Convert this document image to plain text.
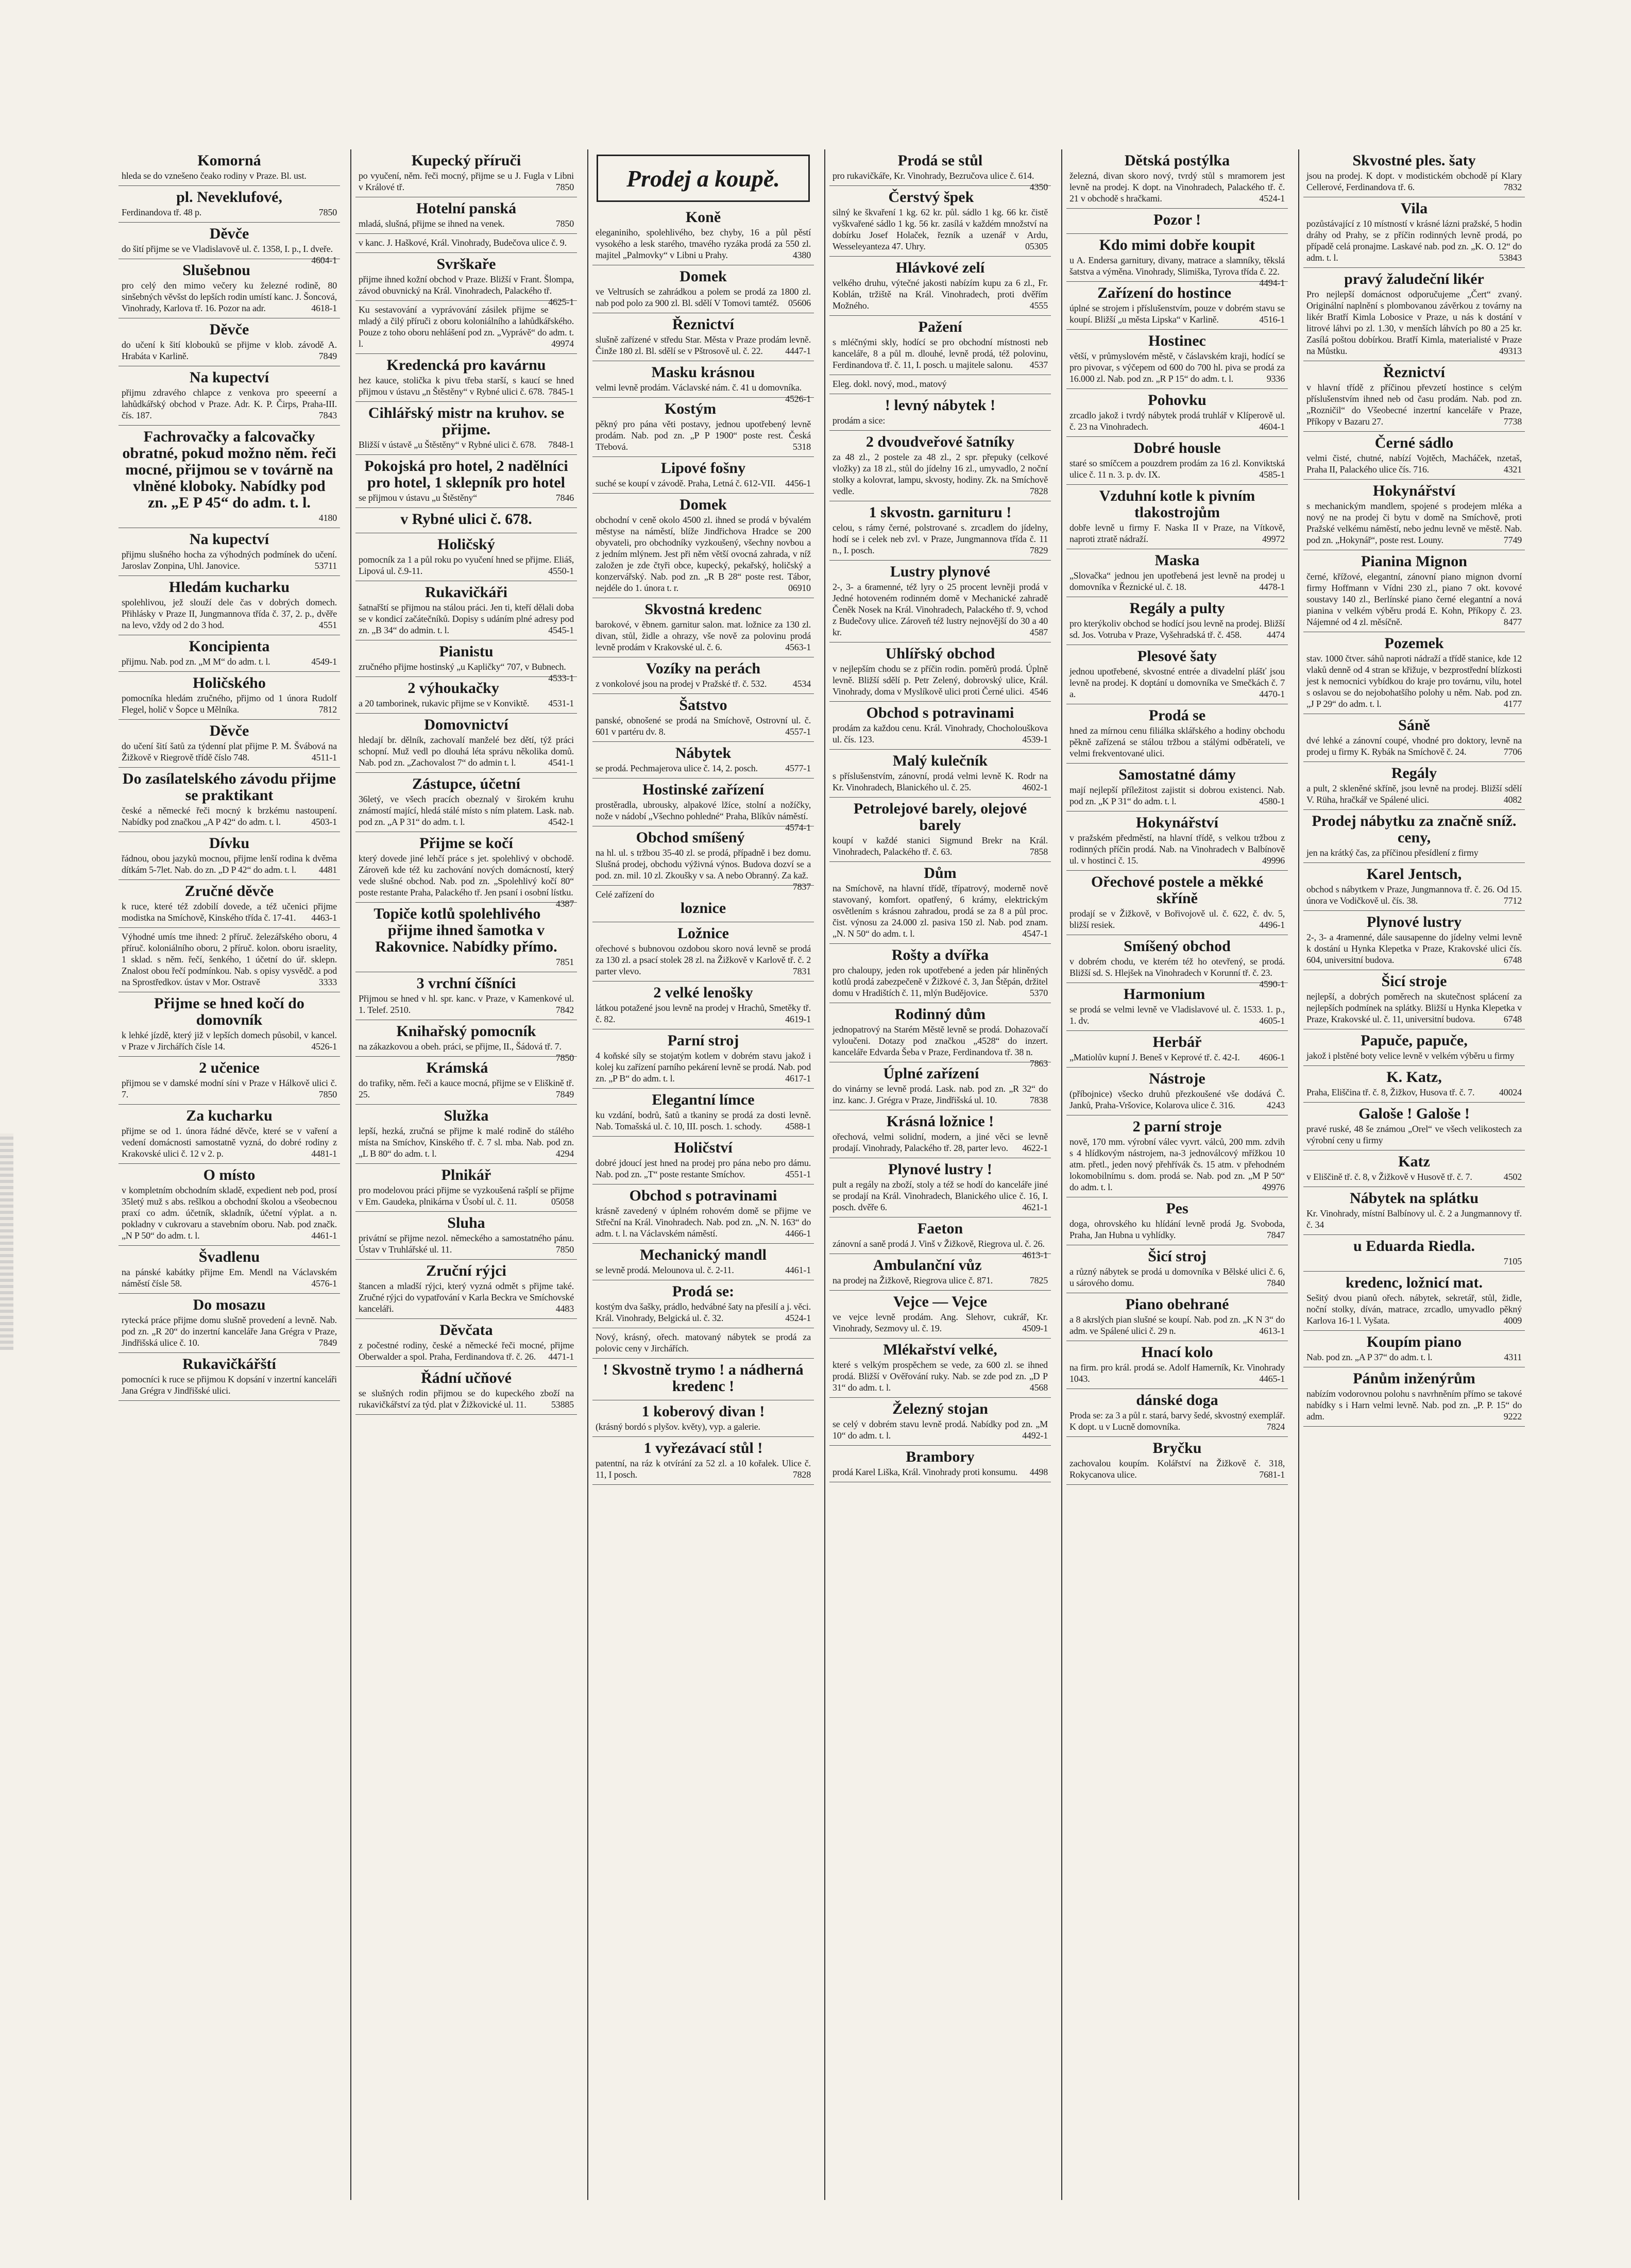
Komorná
hleda se do vznešeno čeako rodiny v Praze. Bl. ust.
pl. Neveklufové,
Ferdinandova tř. 48 p.	7850
Děvče
do šití přijme se ve Vladislavově ul. č. 1358, I. p., I. dveře.
4604-1
Slušebnou
pro celý den mimo večery ku železné rodině, 80 sinšebných věvšst do lepších rodin umístí kanc. J. Šoncová, Vinohrady, Karlova tř. 16. Pozor na adr.	4618-1
Děvče
do učení k šití klobouků se přijme v klob. závodě A. Hrabáta v Karlině.	7849
Na kupectví
přijmu zdravého chlapce z venkova pro speeerní a lahůdkářský obchod v Praze. Adr. K. P. Čirps, Praha-III. čís. 187.	7843
Fachrovačky a falcovačky obratné, pokud možno něm. řeči mocné, přijmou se v továrně na vlněné kloboky. Nabídky pod zn. „E P 45“ do adm. t. l.
4180
Na kupectví
přijmu slušného hocha za výhodných podmínek do učení. Jaroslav Zonpina, Uhl. Janovice.	53711
Hledám kucharku
spolehlivou, jež slouží dele čas v dobrých domech. Přihlásky v Praze II, Jungmannova třída č. 37, 2. p., dvěře na levo, vždy od 2 do 3 hod.	4551
Koncipienta
přijmu. Nab. pod zn. „M M“ do adm. t. l.	4549-1
Holičského
pomocníka hledám zručného, přijmo od 1 února Rudolf Flegel, holič v Šopce u Mělníka.	7812
Děvče
do učení šití šatů za týdenní plat přijme P. M. Švábová na Žižkově v Riegrově třídě číslo 748.	4511-1
Do zasílatelského závodu přijme se praktikant
české a německé řeči mocný k brzkému nastoupení. Nabídky pod značkou „A P 42“ do adm. t. l.	4503-1
Dívku
řádnou, obou jazyků mocnou, přijme lenší rodina k dvěma dítkám 5-7let. Nab. do zn. „D P 42“ do adm. t. l. 4481
Zručné děvče
k ruce, které též zdobilí dovede, a též učenici přijme modistka na Smíchově, Kinského třída č. 17-41. 4463-1
Výhodné umís tme ihned: 2 příruč. železářského oboru, 4 příruč. koloniálního oboru, 2 příruč. kolon. oboru israelity, 1 sklad. s něm. řečí, šenkého, 1 účetní do úř. sklepn. Znalost obou řečí podmínkou. Nab. s opisy vysvědč. a pod na Sprostředkov. ústav v Mor. Ostravě	3333
Přijme se hned kočí do domovník
k lehké jízdě, který již v lepších domech působil, v kancel. v Praze v Jirchářích čísle 14.	4526-1
2 učenice
přijmou se v damské modní síni v Praze v Hálkově ulici č. 7.	7850
Za kucharku
přijme se od 1. února řádné děvče, které se v vaření a vedení domácnosti samostatně vyzná, do dobré rodiny z Krakovské ulici č. 12 v 2. p.	4481-1
O místo
v kompletním obchodním skladě, expedient neb pod, prosí 35letý muž s abs. rešlkou a obchodní školou a všeobecnou praxí co adm. účetník, skladník, účetní výplat. a n. pokladny v cukrovaru a stavebním oboru. Nab. pod značk. „N P 50“ do adm. t. l.	4461-1
Švadlenu
na pánské kabátky přijme Em. Mendl na Václavském náměstí čísle 58.	4576-1
Do mosazu
rytecká práce přijme domu slušně provedení a levně. Nab. pod zn. „R 20“ do inzertní kanceláře Jana Grégra v Praze, Jindřišská ulice č. 10.	7849
Rukavičkářští
pomocníci k ruce se přijmou K dopsání v inzertní kanceláři Jana Grégra v Jindřišské ulici.
Kupecký příruči
po vyučení, něm. řeči mocný, přijme se u J. Fugla v Libni v Králové tř.	7850
Hotelní panská
mladá, slušná, přijme se ihned na venek.	7850
v kanc. J. Haškové, Král. Vinohrady, Budečova ulice č. 9.
Svrškaře
přijme ihned kožní obchod v Praze. Bližší v Frant. Šlompa, závod obuvnický na Král. Vinohradech, Palackého tř.
4625-1
Ku sestavování a vyprávování zásilek přijme se mladý a čilý příruči z oboru koloniálního a lahůdkářského. Pouze z toho oboru nehlášení pod zn. „Vyprávě“ do adm. t. l.	49974
Kredencká pro kavárnu
hez kauce, stolička k pivu třeba starší, s kaucí se hned přijmou v ústavu „n Štěstěny“ v Rybné ulici č. 678. 7845-1
Cihlářský mistr na kruhov. se přijme.
Bližší v ústavě „u Štěstěny“ v Rybné ulici č. 678. 7848-1
Pokojská pro hotel, 2 nadělníci pro hotel, 1 sklepník pro hotel
se přijmou v ústavu „u Štěstěny“	7846
v Rybné ulici č. 678.
Holičský
pomocník za 1 a půl roku po vyučení hned se přijme. Eliáš, Lipová ul. č.9-11.	4550-1
Rukavičkáři
šatnařští se přijmou na stálou práci. Jen ti, kteří dělali doba se v kondicí začátečníků. Dopisy s udáním plné adresy pod zn. „B 34“ do admin. t. l.	4545-1
Pianistu
zručného přijme hostinský „u Kapličky“ 707, v Bubnech.
4533-1
2 výhoukačky
a 20 tamborinek, rukavic přijme se v Konviktě. 4531-1
Domovnictví
hledají br. dělník, zachovalí manželé bez dětí, týž práci schopní. Muž vedl po dlouhá léta správu několika domů. Nab. pod zn. „Zachovalost 7“ do admin t. l.	4541-1
Zástupce, účetní
36letý, ve všech pracích obeznalý v širokém kruhu známostí mající, hledá stálé místo s ním platem. Lask. nab. pod zn. „A P 31“ do adm. t. l.	4542-1
Přijme se kočí
který dovede jiné lehčí práce s jet. spolehlivý v obchodě. Zároveň kde též ku zachování nových domácností, který vede slušné obchod. Nab. pod zn. „Spolehlivý kočí 80“ poste restante Praha, Palackého tř. Jen psaní i osobní lístku.
4387
Topiče kotlů spolehlivého přijme ihned šamotka v Rakovnice. Nabídky přímo.
7851
3 vrchní číšníci
Přijmou se hned v hl. spr. kanc. v Praze, v Kamenkové ul. 1. Telef. 2510.	7842
Knihařský pomocník
na zákazkovou a obeh. práci, se přijme, II., Šádová tř. 7.
7850
Krámská
do trafiky, něm. řeči a kauce mocná, přijme se v Eliškině tř. 25.	7849
Služka
lepší, hezká, zručná se přijme k malé rodině do stálého místa na Smíchov, Kinského tř. č. 7 sl. mba. Nab. pod zn. „L B 80“ do adm. t. l.	4294
Plnikář
pro modelovou práci přijme se vyzkoušená rašplí se přijme v Em. Gaudeka, plnikárna v Úsobí ul. č. 11.	05058
Sluha
privátní se přijme nezol. německého a samostatného pánu. Ústav v Truhlářské ul. 11.	7850
Zruční rýjci
štancen a mladší rýjci, který vyzná odmět s přijme také. Zručné rýjci do vypatřování v Karla Beckra ve Smíchovské kanceláři.	4483
Děvčata
z počestné rodiny, české a německé řeči mocné, přijme Oberwalder a spol. Praha, Ferdinandova tř. č. 26. 4471-1
Řádní učňové
se slušných rodin přijmou se do kupeckého zboží na rukavičkářství za týd. plat v Žižkovické ul. 11.	53885
Prodej a koupě.
Koně
eleganiniho, spolehlivého, bez chyby, 16 a půl pěstí vysokého a lesk starého, tmavého ryzáka prodá za 550 zl. majitel „Palmovky“ v Libni u Prahy.	4380
Domek
ve Veltrusích se zahrádkou a polem se prodá za 1800 zl. nab pod polo za 900 zl. Bl. sdělí V Tomovi tamtéž. 05606
Řeznictví
slušně zařízené v středu Star. Města v Praze prodám levně. Činže 180 zl. Bl. sdělí se v Pštrosově ul. č. 22. 4447-1
Masku krásnou
velmi levně prodám. Václavské nám. č. 41 u domovníka.
4526-1
Kostým
pěkný pro pána věti postavy, jednou upotřebený levně prodám. Nab. pod zn. „P P 1900“ poste rest. Česká Třebová.	5318
Lipové fošny
suché se koupí v závodě. Praha, Letná č. 612-VII. 4456-1
Domek
obchodní v ceně okolo 4500 zl. ihned se prodá v bývalém městyse na náměstí, blíže Jindřichova Hradce se 200 obyvateli, pro obchodníky vyzkoušený, všechny novbou a z jedním mlýnem. Jest při něm větší ovocná zahrada, v níž založen je zde čtyři obce, kupecký, pekařský, holičský a konzervářský. Nab. pod zn. „R B 28“ poste rest. Tábor, nejdéle do 1. února t. r.	06910
Skvostná kredenc
barokové, v ěbnem. garnitur salon. mat. ložnice za 130 zl. divan, stůl, židle a ohrazy, vše nově za polovinu prodá levně prodám v Krakovské ul. č. 6.	4563-1
Vozíky na perách
z vonkolové jsou na prodej v Pražské tř. č. 532.	4534
Šatstvo
panské, obnošené se prodá na Smíchově, Ostrovní ul. č. 601 v partéru dv. 8.	4557-1
Nábytek
se prodá. Pechmajerova ulice č. 14, 2. posch.	4577-1
Hostinské zařízení
prostěradla, ubrousky, alpakové lžíce, stolní a nožíčky, nože v nádobí „Všechno pohledné“ Praha, Blíkův náměstí.
4574-1
Obchod smíšený
na hl. ul. s tržbou 35-40 zl. se prodá, případně i bez domu. Slušná prodej, obchodu výživná výnos. Budova dozví se a pod. zn. mil. 10 zl. Zkoušky v sa. A nebo Obranný. Za kaž.
7837
Celé zařízení do
loznice
Ložnice
ořechové s bubnovou ozdobou skoro nová levně se prodá za 130 zl. a psací stolek 28 zl. na Žižkově v Karlově tř. č. 2 parter vlevo.	7831
2 velké lenošky
látkou potažené jsou levně na prodej v Hrachů, Smetěky tř. č. 82.	4619-1
Parní stroj
4 koňské síly se stojatým kotlem v dobrém stavu jakož i kolej ku zařízení parního pekárení levně se prodá. Nab. pod zn. „P B“ do adm. t. l.	4617-1
Elegantní límce
ku vzdání, bodrů, šatů a tkaniny se prodá za dosti levně. Nab. Tomašská ul. č. 10, III. posch. 1. schody.	4588-1
Holičství
dobré jdoucí jest hned na prodej pro pána nebo pro dámu. Nab. pod zn. „T“ poste restante Smíchov.	4551-1
Obchod s potravinami
krásně zavedený v úplném rohovém domě se přijme ve Střeční na Král. Vinohradech. Nab. pod zn. „N. N. 163“ do adm. t. l. na Václavském náměstí.	4466-1
Mechanický mandl
se levně prodá. Melounova ul. č. 2-11.	4461-1
Prodá se:
kostým dva šašky, prádlo, hedvábné šaty na přesilí a j. věci. Král. Vinohrady, Belgická ul. č. 32.	4524-1
Nový, krásný, ořech. matovaný nábytek se prodá za polovic ceny v Jirchářích.
! Skvostně trymo ! a nádherná kredenc !
1 koberový divan !
(krásný bordó s plyšov. květy), vyp. a galerie.
1 vyřezávací stůl !
patentní, na ráz k otvírání za 52 zl. a 10 kořalek. Ulice č. 11, I posch.	7828
Prodá se stůl
pro rukavičkáře, Kr. Vinohrady, Bezručova ulice č. 614.
4350
Čerstvý špek
silný ke škvaření 1 kg. 62 kr. půl. sádlo 1 kg. 66 kr. čistě vyškvařené sádlo 1 kg. 56 kr. zasílá v každém množství na dobírku Josef Holaček, řezník a uzenář v Ardu, Wesseleyanteza 47. Uhry.	05305
Hlávkové zelí
velkého druhu, výtečné jakosti nabízím kupu za 6 zl., Fr. Koblán, tržiště na Král. Vinohradech, proti dvěřím Možného.	4555
Pažení
s mléčnými skly, hodící se pro obchodní místnosti neb kanceláře, 8 a půl m. dlouhé, levně prodá, též polovinu, Ferdinandova tř. č. 11, I. posch. u majitele salonu. 4537
Eleg. dokl. nový, mod., matový
! levný nábytek !
prodám a sice:
2 dvoudveřové šatníky
za 48 zl., 2 postele za 48 zl., 2 spr. přepuky (celkové vložky) za 18 zl., stůl do jídelny 16 zl., umyvadlo, 2 noční stolky a kolovrat, lampu, skvosty, hodiny. Zk. na Smíchově vedle.	7828
1 skvostn. garnituru !
celou, s rámy černé, polstrované s. zrcadlem do jídelny, hodí se i celek neb zvl. v Praze, Jungmannova třída č. 11 n., I. posch.	7829
Lustry plynové
2-, 3- a 6ramenné, též lyry o 25 procent levněji prodá v Jedné hotoveném rodinném domě v Mechanické zahradě Čeněk Nosek na Král. Vinohradech, Palackého tř. 9, vchod z Budečovy ulice. Zároveň též lustry nejnovější do 30 a 40 kr.	4587
Uhlířský obchod
v nejlepším chodu se z příčin rodin. poměrů prodá. Úplně levně. Bližší sdělí p. Petr Zelený, dobrovský ulice, Král. Vinohrady, doma v Myslíkově ulici proti Černé ulici. 4546
Obchod s potravinami
prodám za každou cenu. Král. Vinohrady, Chocholouškova ul. čís. 123.	4539-1
Malý kulečník
s příslušenstvím, zánovní, prodá velmi levně K. Rodr na Kr. Vinohradech, Blanického ul. č. 25.	4602-1
Petrolejové barely, olejové barely
koupí v každé stanici Sigmund Brekr na Král. Vinohradech, Palackého tř. č. 63.	7858
Dům
na Smíchově, na hlavní třídě, třípatrový, moderně nově stavovaný, komfort. opatřený, 6 krámy, elektrickým osvětlením s krásnou zahradou, prodá se za 8 a půl proc. čist. výnosu za 24.000 zl. pasiva 150 zl. Nab. pod znam. „N. N 50“ do adm. t. l.	4547-1
Rošty a dvířka
pro chaloupy, jeden rok upotřebené a jeden pár hliněných kotlů prodá zabezpečeně v Žižkové č. 3, Jan Štěpán, držitel domu v Hradištích č. 11, mlýn Budějovice.	5370
Rodinný dům
jednopatrový na Starém Městě levně se prodá. Dohazovačí vyloučeni. Dotazy pod značkou „4528“ do inzert. kanceláře Edvarda Šeba v Praze, Ferdinandova tř. 38 n.
7863
Úplné zařízení
do vinárny se levně prodá. Lask. nab. pod zn. „R 32“ do inz. kanc. J. Grégra v Praze, Jindřišská ul. 10.	7838
Krásná ložnice !
ořechová, velmi solidní, modern, a jiné věci se levně prodají. Vinohrady, Palackého tř. 28, parter levo. 4622-1
Plynové lustry !
pult a regály na zboží, stoly a též se hodí do kanceláře jiné se prodají na Král. Vinohradech, Blanického ulice č. 16, I. posch. dvěře 6.	4621-1
Faeton
zánovní a saně prodá J. Vinš v Žižkově, Riegrova ul. č. 26.
4613-1
Ambulanční vůz
na prodej na Žižkově, Riegrova ulice č. 871.	7825
Vejce — Vejce
ve vejce levně prodám. Ang. Slehovr, cukrář, Kr. Vinohrady, Sezmovy ul. č. 19.	4509-1
Mlékařství velké,
které s velkým prospěchem se vede, za 600 zl. se ihned prodá. Bližší v Ověřování ruky. Nab. se zde pod zn. „D P 31“ do adm. t. l.	4568
Železný stojan
se celý v dobrém stavu levně prodá. Nabídky pod zn. „M 10“ do adm. t. l.	4492-1
Brambory
prodá Karel Liška, Král. Vinohrady proti konsumu. 4498
Dětská postýlka
železná, divan skoro nový, tvrdý stůl s mramorem jest levně na prodej. K dopt. na Vinohradech, Palackého tř. č. 21 v obchodě s hračkami.	4524-1
Pozor !
Kdo mimi dobře koupit
u A. Endersa garnitury, divany, matrace a slamníky, těkslá šatstva a výměna. Vinohrady, Slimiška, Tyrova třída č. 22.
4494-1
Zařízení do hostince
úplné se strojem i příslušenstvím, pouze v dobrém stavu se koupí. Bližší „u města Lipska“ v Karlině.	4516-1
Hostinec
větší, v průmyslovém městě, v čáslavském kraji, hodící se pro pivovar, s výčepem od 600 do 700 hl. piva se prodá za 16.000 zl. Nab. pod zn. „R P 15“ do adm. t. l.	9336
Pohovku
zrcadlo jakož i tvrdý nábytek prodá truhlář v Klíperově ul. č. 23 na Vinohradech.	4604-1
Dobré housle
staré so smíčcem a pouzdrem prodám za 16 zl. Konviktská ulice č. 11 n. 3. p. dv. IX.	4585-1
Vzduhní kotle k pivním tlakostrojům
dobře levně u firmy F. Naska II v Praze, na Vítkově, naproti ztratě nádraží.	49972
Maska
„Slovačka“ jednou jen upotřebená jest levně na prodej u domovníka v Řeznické ul. č. 18.	4478-1
Regály a pulty
pro kterýkoliv obchod se hodící jsou levně na prodej. Bližší sd. Jos. Votruba v Praze, Vyšehradská tř. č. 458.	4474
Plesové šaty
jednou upotřebené, skvostné entrée a divadelní plášť jsou levně na prodej. K doptání u domovníka ve Smečkách č. 7 a.	4470-1
Prodá se
hned za mírnou cenu filiálka sklářského a hodiny obchodu pěkně zařízená se stálou tržbou a stálými odběrateli, ve velmi frekventované ulici.
Samostatné dámy
mají nejlepší příležitost zajistit si dobrou existenci. Nab. pod zn. „K P 31“ do adm. t. l.	4580-1
Hokynářství
v pražském předměstí, na hlavní třídě, s velkou tržbou z rodinných příčin prodá. Nab. na Vinohradech v Balbínově ul. v hostinci č. 15.	49996
Ořechové postele a měkké skříně
prodají se v Žižkově, v Bořivojově ul. č. 622, č. dv. 5, bližší resiek.	4496-1
Smíšený obchod
v dobrém chodu, ve kterém též ho otevřený, se prodá. Bližší sd. S. Hlejšek na Vinohradech v Korunní tř. č. 23.
4590-1
Harmonium
se prodá se velmi levně ve Vladislavové ul. č. 1533. 1. p., 1. dv.	4605-1
Herbář
„Matiolův kupní J. Beneš v Keprové tř. č. 42-I. 4606-1
Nástroje
(příbojnice) všecko druhů přezkoušené vše dodává Č. Janků, Praha-Vršovice, Kolarova ulice č. 316.	4243
2 parní stroje
nově, 170 mm. výrobní válec vyvrt. válců, 200 mm. zdvih s 4 hlídkovým nástrojem, na-3 jednoválcový mřížkou 10 atm. přetl., jeden nový přehřívák čs. 15 atm. v přehodném lokomobilnímu s. dom. prodá se. Nab. pod zn. „M P 50“ do adm. t. l.	49976
Pes
doga, ohrovského ku hlídání levně prodá Jg. Svoboda, Praha, Jan Hubna u vyhlídky.	7847
Šicí stroj
a různý nábytek se prodá u domovníka v Bělské ulici č. 6, u sárového domu.	7840
Piano obehrané
a 8 akrslých pian slušné se koupí. Nab. pod zn. „K N 3“ do adm. ve Spálené ulici č. 29 n.	4613-1
Hnací kolo
na firm. pro král. prodá se. Adolf Hamerník, Kr. Vinohrady 1043.	4465-1
dánské doga
Proda se: za 3 a půl r. stará, barvy šedé, skvostný exemplář. K dopt. u v Lucně domovníka.	7824
Bryčku
zachovalou koupím. Kolářství na Žižkově č. 318, Rokycanova ulice.	7681-1
Skvostné ples. šaty
jsou na prodej. K dopt. v modistickém obchodě pí Klary Cellerové, Ferdinandova tř. 6.	7832
Vila
pozůstávající z 10 místností v krásné lázni pražské, 5 hodin dráhy od Prahy, se z příčin rodinných levně prodá, po případě celá pronajme. Laskavé nab. pod zn. „K. O. 12“ do adm. t. l.	53843
pravý žaludeční likér
Pro nejlepší domácnost odporučujeme „Čert“ zvaný. Originální naplnění s plombovanou závěrkou z továrny na likér Bratří Kimla Lobosice v Praze, u nás k dostání v litrové láhvi po zl. 1.30, v menších láhvích po 80 a 25 kr. Zasílá poštou dobírkou. Bratří Kimla, materialisté v Praze na Můstku.	49313
Řeznictví
v hlavní třídě z příčinou převzetí hostince s celým příslušenstvím ihned neb od času prodám. Nab. pod zn. „Rozničil“ do Všeobecné inzertní kanceláře v Praze, Příkopy v Bazaru 27.	7738
Černé sádlo
velmi čisté, chutné, nabízí Vojtěch, Macháček, nzetaš, Praha II, Palackého ulice čís. 716.	4321
Hokynářství
s mechanickým mandlem, spojené s prodejem mléka a nový ne na prodej či bytu v domě na Smíchově, proti Pražské velkému náměstí, nebo jednu levně ve městě. Nab. pod zn. „Hokynář“, poste rest. Louny.	7749
Pianina Mignon
černé, křížové, elegantní, zánovní piano mignon dvorní firmy Hoffmann v Vídni 230 zl., piano 7 okt. kovové soustavy 140 zl., Berlínské piano černé elegantní a nová pianina v velkém výběru prodá E. Kohn, Příkopy č. 23. Nájemné od 4 zl. měsíčně.	8477
Pozemek
stav. 1000 čtver. sáhů naproti nádraží a třídě stanice, kde 12 vlaků denně od 4 stran se křižuje, v bezprostřední blízkosti jest k nemocnici vybídkou do kraje pro továrnu, vilu, hotel s oslavou se do nejobohatšího polohy u něm. Nab. pod zn. „J P 29“ do adm. t. l.	4177
Sáně
dvé lehké a zánovní coupé, vhodné pro doktory, levně na prodej u firmy K. Rybák na Smíchově č. 24.	7706
Regály
a pult, 2 skleněné skříně, jsou levně na prodej. Bližší sdělí V. Rüha, hračkář ve Spálené ulici.	4082
Prodej nábytku za značně sníž. ceny,
jen na krátký čas, za příčinou přesídlení z firmy
Karel Jentsch,
obchod s nábytkem v Praze, Jungmannova tř. č. 26. Od 15. února ve Vodičkově ul. čís. 38.	7712
Plynové lustry
2-, 3- a 4ramenné, dále sausapenne do jídelny velmi levně k dostání u Hynka Klepetka v Praze, Krakovské ulici čís. 604, universitní budova.	6748
Šicí stroje
nejlepší, a dobrých poměrech na skutečnost splácení za nejlepších podmínek na splátky. Bližší u Hynka Klepetka v Praze, Krakovské ul. č. 11, universitní budova.	6748
Papuče, papuče,
jakož i plstěné boty velice levně v velkém výběru u firmy
K. Katz,
Praha, Eliščina tř. č. 8, Žižkov, Husova tř. č. 7.	40024
Galoše ! Galoše !
pravé ruské, 48 še známou „Orel“ ve všech velikostech za výrobní ceny u firmy
Katz
v Eliščině tř. č. 8, v Žižkově v Husově tř. č. 7.	4502
Nábytek na splátku
Kr. Vinohrady, místní Balbínovy ul. č. 2 a Jungmannovy tř. č. 34
u Eduarda Riedla.
7105
kredenc, ložnicí mat.
Sešitý dvou pianů ořech. nábytek, sekretář, stůl, židle, noční stolky, díván, matrace, zrcadlo, umyvadlo pěkný Karlova 16-1 l. Vyšata.	4009
Koupím piano
Nab. pod zn. „A P 37“ do adm. t. l.	4311
Pánům inženýrům
nabízím vodorovnou polohu s navrhněním přímo se takové nabídky s i Harn velmi levně. Nab. pod zn. „P. P. 15“ do adm.	9222
